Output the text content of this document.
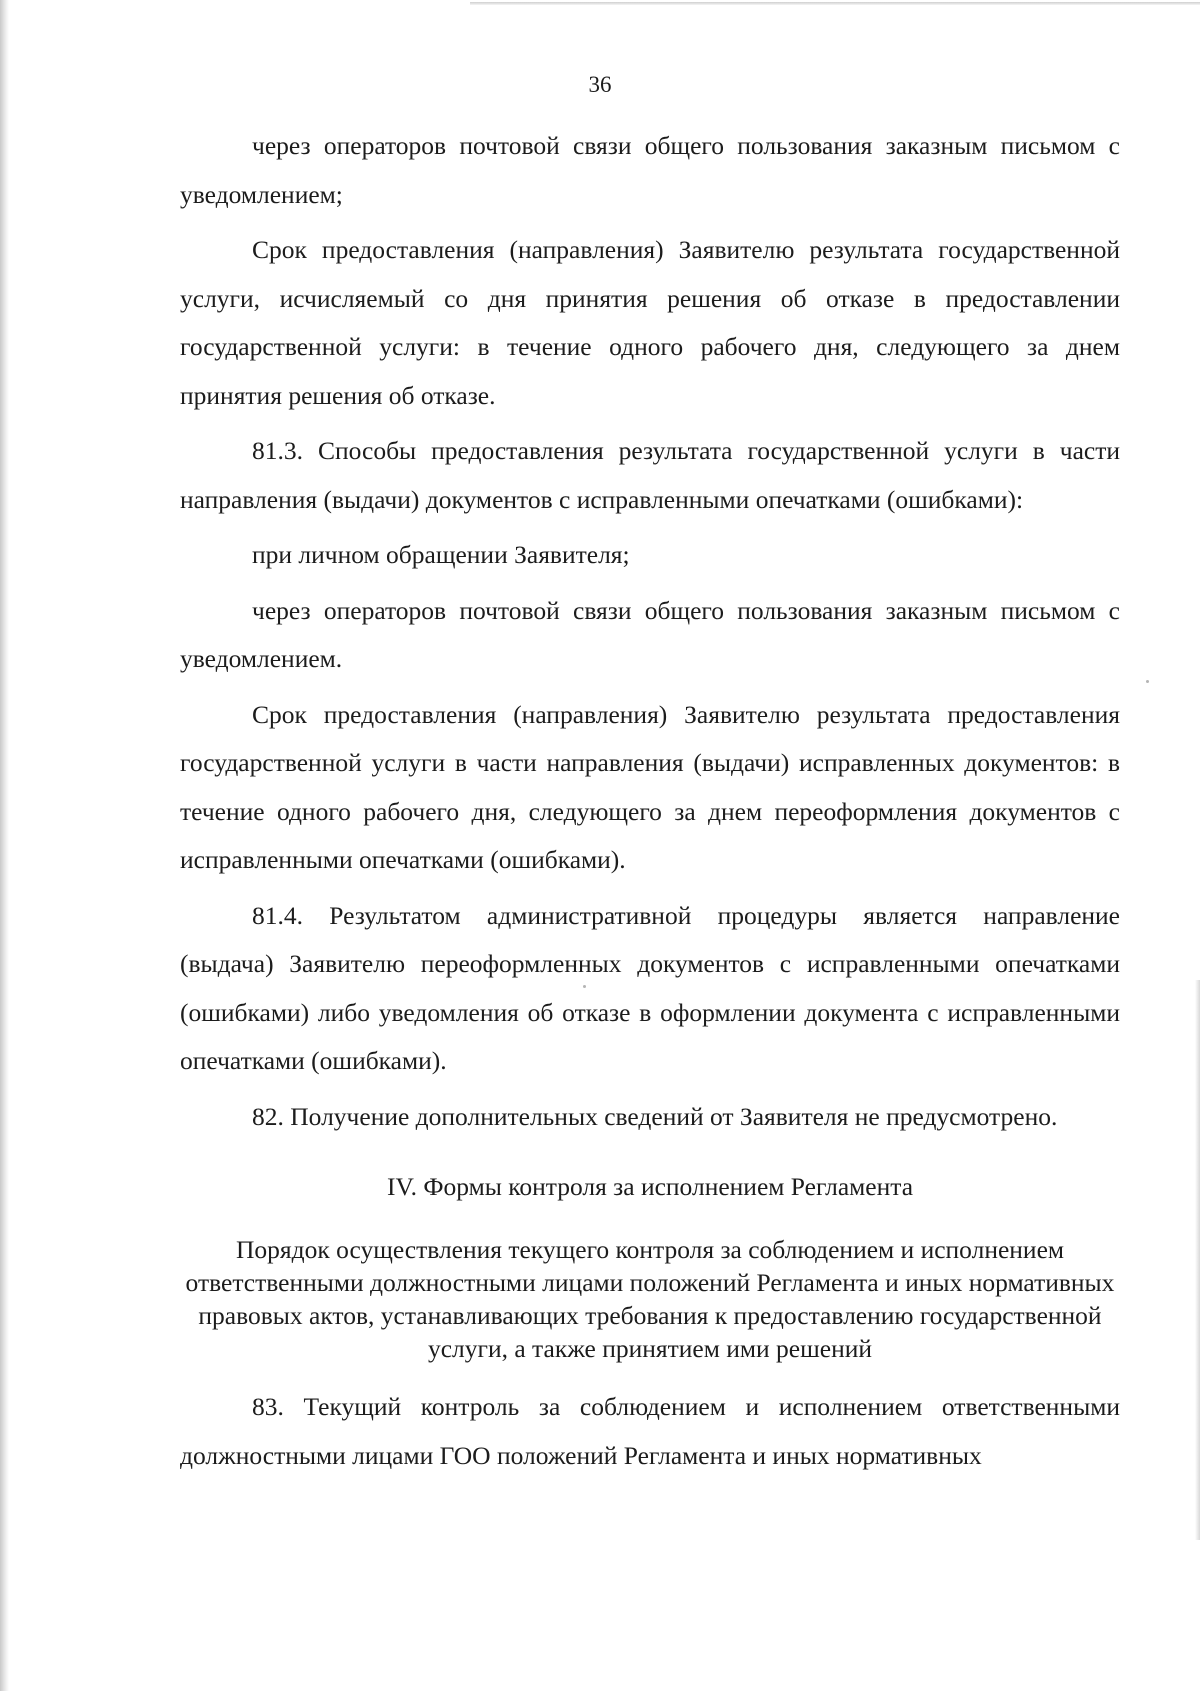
36

через операторов почтовой связи общего пользования заказным письмом с уведомлением;

Срок предоставления (направления) Заявителю результата государственной услуги, исчисляемый со дня принятия решения об отказе в предоставлении государственной услуги: в течение одного рабочего дня, следующего за днем принятия решения об отказе.

81.3. Способы предоставления результата государственной услуги в части направления (выдачи) документов с исправленными опечатками (ошибками):

при личном обращении Заявителя;

через операторов почтовой связи общего пользования заказным письмом с уведомлением.

Срок предоставления (направления) Заявителю результата предоставления государственной услуги в части направления (выдачи) исправленных документов: в течение одного рабочего дня, следующего за днем переоформления документов с исправленными опечатками (ошибками).

81.4. Результатом административной процедуры является направление (выдача) Заявителю переоформленных документов с исправленными опечатками (ошибками) либо уведомления об отказе в оформлении документа с исправленными опечатками (ошибками).

82. Получение дополнительных сведений от Заявителя не предусмотрено.

IV. Формы контроля за исполнением Регламента
Порядок осуществления текущего контроля за соблюдением и исполнением ответственными должностными лицами положений Регламента и иных нормативных правовых актов, устанавливающих требования к предоставлению государственной услуги, а также принятием ими решений

83. Текущий контроль за соблюдением и исполнением ответственными должностными лицами ГОО положений Регламента и иных нормативных
